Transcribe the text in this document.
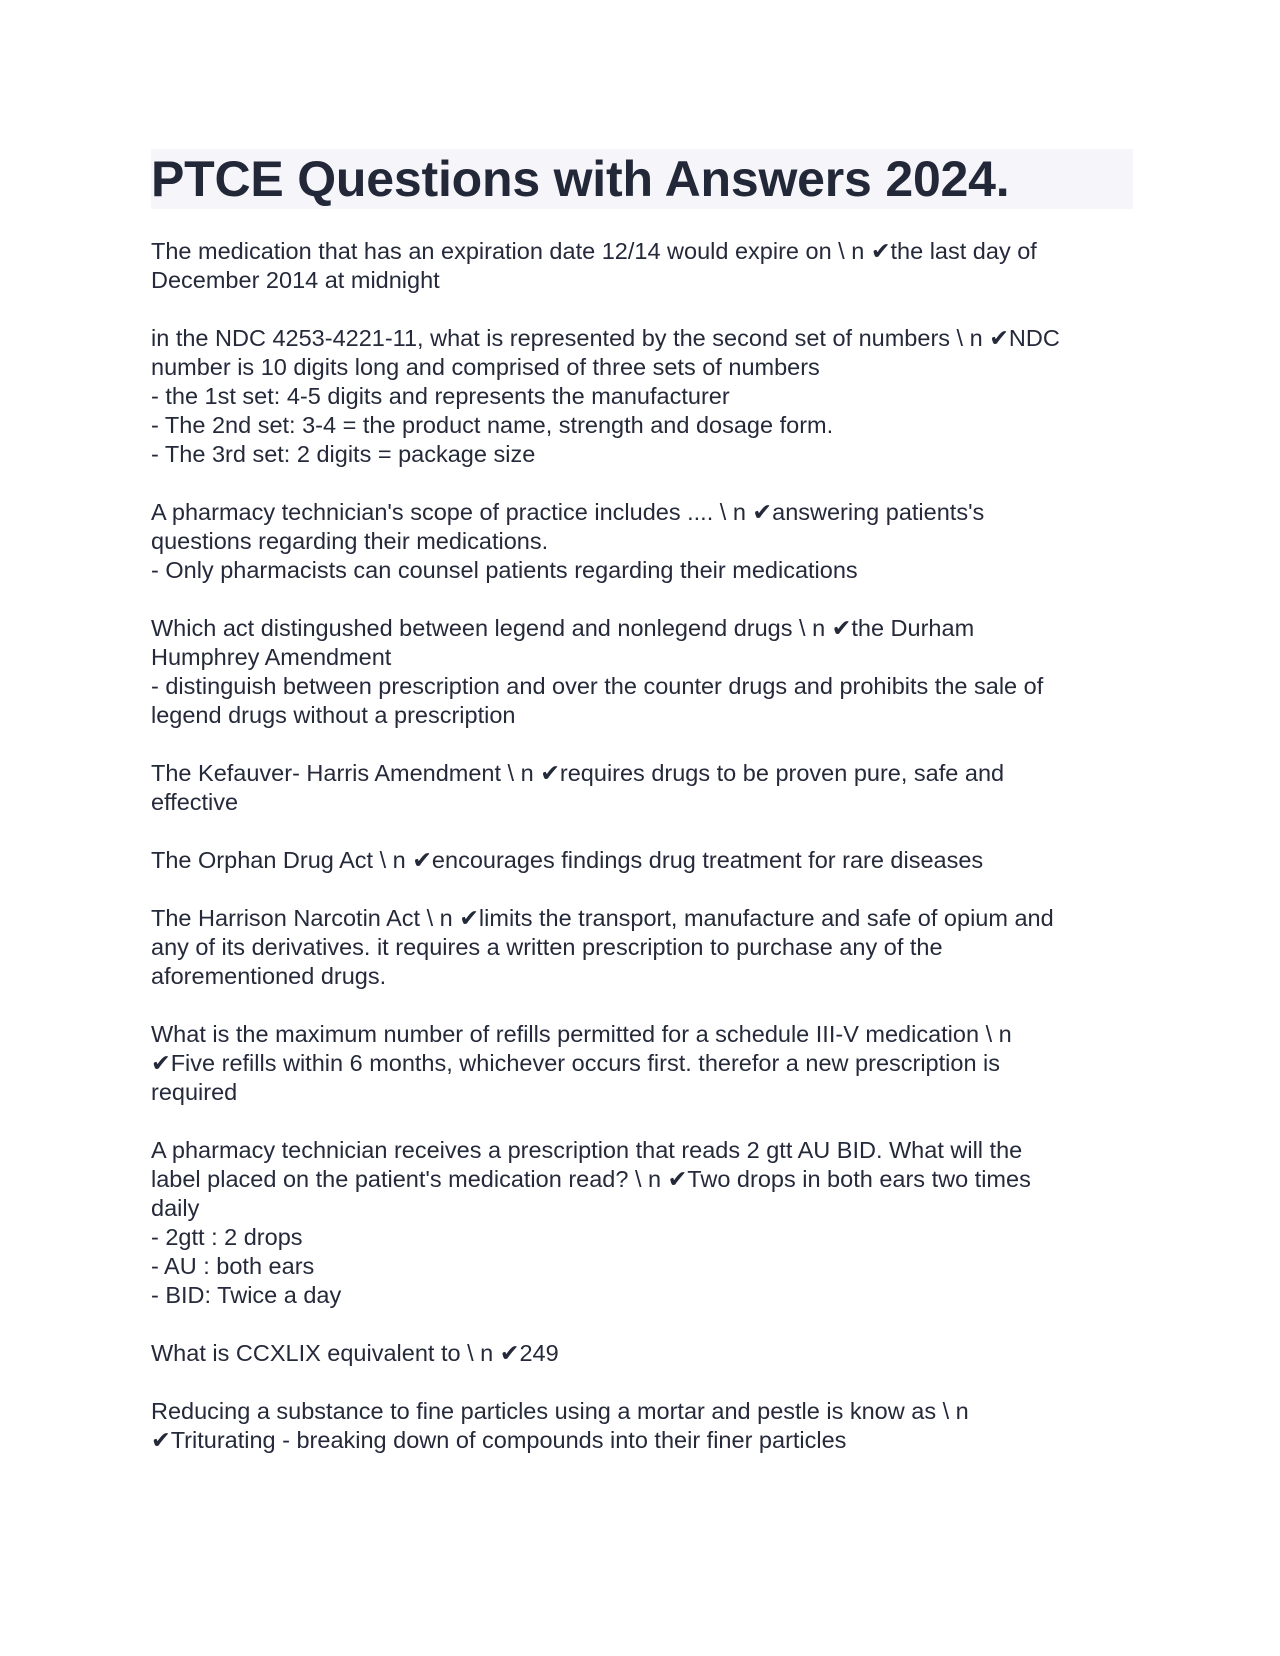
PTCE Questions with Answers 2024.

The medication that has an expiration date 12/14 would expire on \ n ✔the last day of
December 2014 at midnight

in the NDC 4253-4221-11, what is represented by the second set of numbers \ n ✔NDC
number is 10 digits long and comprised of three sets of numbers
- the 1st set: 4-5 digits and represents the manufacturer
- The 2nd set: 3-4 = the product name, strength and dosage form.
- The 3rd set: 2 digits = package size

A pharmacy technician's scope of practice includes .... \ n ✔answering patients's
questions regarding their medications.
- Only pharmacists can counsel patients regarding their medications

Which act distingushed between legend and nonlegend drugs \ n ✔the Durham
Humphrey Amendment
- distinguish between prescription and over the counter drugs and prohibits the sale of
legend drugs without a prescription

The Kefauver- Harris Amendment \ n ✔requires drugs to be proven pure, safe and
effective

The Orphan Drug Act \ n ✔encourages findings drug treatment for rare diseases

The Harrison Narcotin Act \ n ✔limits the transport, manufacture and safe of opium and
any of its derivatives. it requires a written prescription to purchase any of the
aforementioned drugs.

What is the maximum number of refills permitted for a schedule III-V medication \ n
✔Five refills within 6 months, whichever occurs first. therefor a new prescription is
required

A pharmacy technician receives a prescription that reads 2 gtt AU BID. What will the
label placed on the patient's medication read? \ n ✔Two drops in both ears two times
daily
- 2gtt : 2 drops
- AU : both ears
- BID: Twice a day

What is CCXLIX equivalent to \ n ✔249

Reducing a substance to fine particles using a mortar and pestle is know as \ n
✔Triturating - breaking down of compounds into their finer particles
